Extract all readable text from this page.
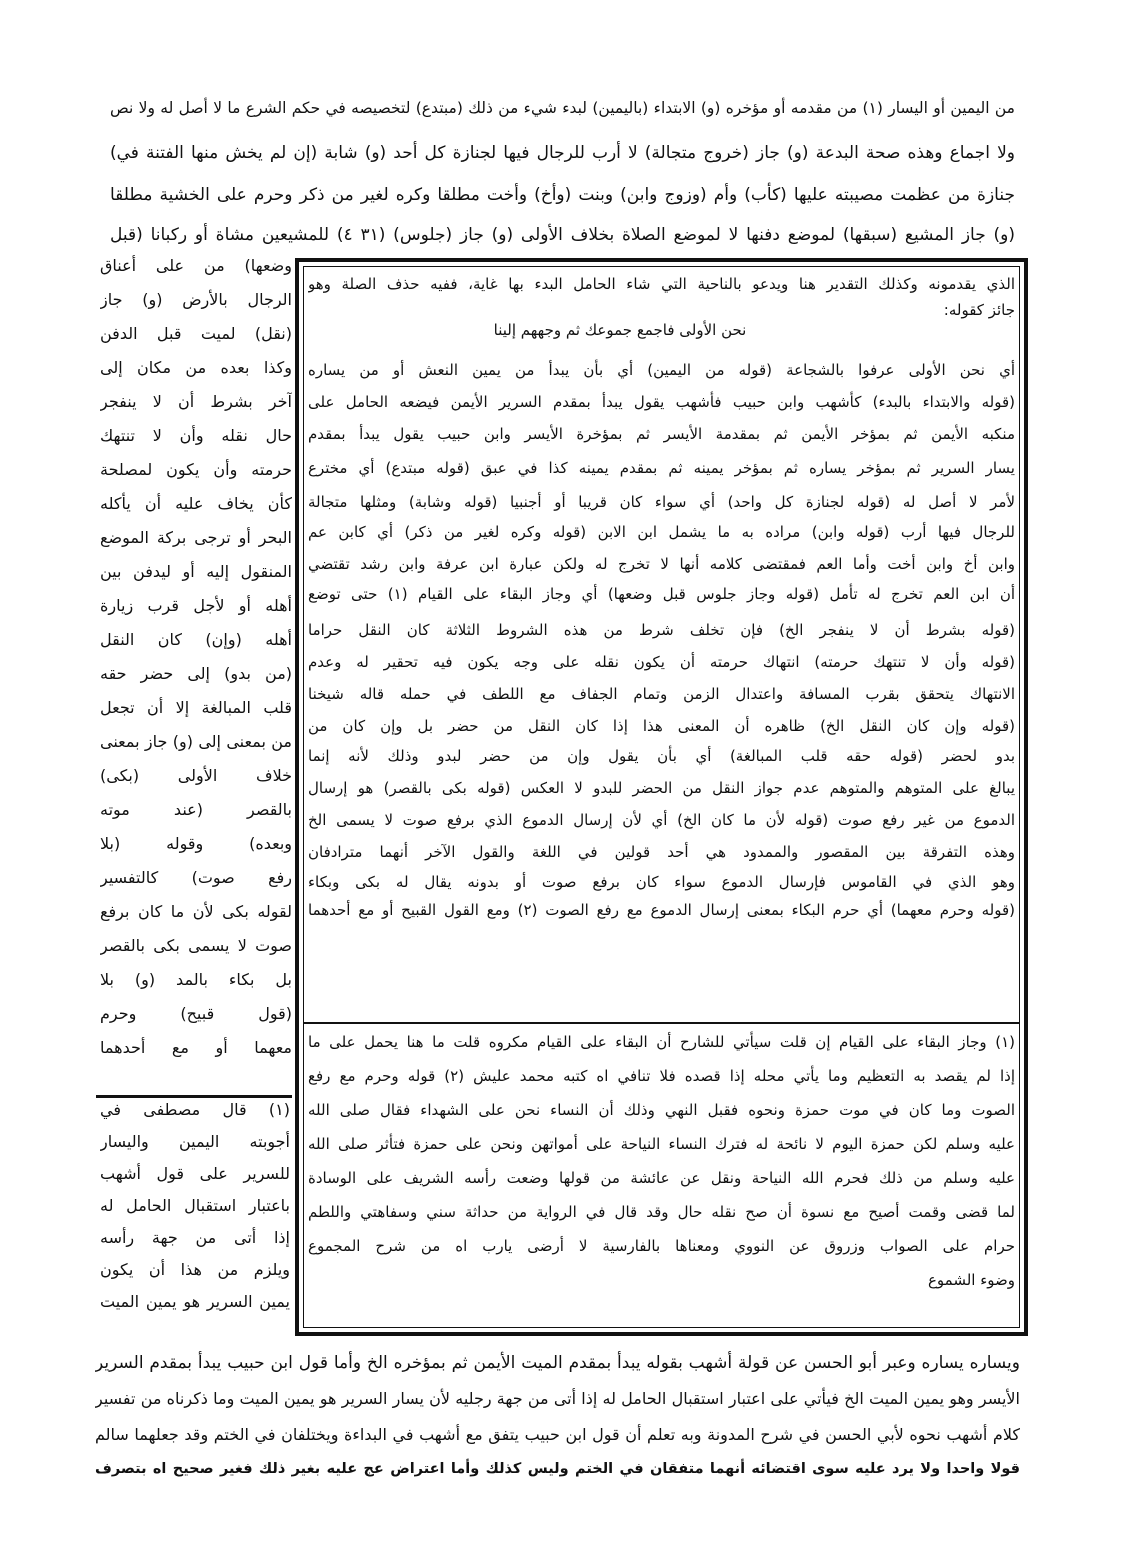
من اليمين أو اليسار (١) من مقدمه أو مؤخره (و) الابتداء (باليمين) لبدء شيء من ذلك (مبتدع) لتخصيصه في حكم الشرع ما لا أصل له ولا نص
ولا اجماع وهذه صحة البدعة (و) جاز (خروج متجالة) لا أرب للرجال فيها لجنازة كل أحد (و) شابة (إن لم يخش منها الفتنة في)
جنازة من عظمت مصيبته عليها (كأب) وأم (وزوج وابن) وبنت (وأخ) وأخت مطلقا وكره لغير من ذكر وحرم على الخشية مطلقا
(و) جاز المشيع (سبقها) لموضع دفنها لا لموضع الصلاة بخلاف الأولى (و) جاز (جلوس) (٣١ ٤) للمشيعين مشاة أو ركبانا (قبل
وضعها) من على أعناق
الرجال بالأرض (و) جاز
(نقل) لميت قبل الدفن
وكذا بعده من مكان إلى
آخر بشرط أن لا ينفجر
حال نقله وأن لا تنتهك
حرمته وأن يكون لمصلحة
كأن يخاف عليه أن يأكله
البحر أو ترجى بركة الموضع
المنقول إليه أو ليدفن بين
أهله أو لأجل قرب زيارة
أهله (وإن) كان النقل
(من بدو) إلى حضر حقه
قلب المبالغة إلا أن تجعل
من بمعنى إلى (و) جاز بمعنى
خلاف الأولى (بكى)
بالقصر (عند موته
وبعده) وقوله (بلا
رفع صوت) كالتفسير
لقوله بكى لأن ما كان برفع
صوت لا يسمى بكى بالقصر
بل بكاء بالمد (و) بلا
(قول قبيح) وحرم
معهما أو مع أحدهما
(١) قال مصطفى في
أجوبته اليمين واليسار
للسرير على قول أشهب
باعتبار استقبال الحامل له
إذا أتى من جهة رأسه
ويلزم من هذا أن يكون
يمين السرير هو يمين الميت
الذي يقدمونه وكذلك التقدير هنا ويدعو بالناحية التي شاء الحامل البدء بها غاية، ففيه حذف الصلة وهو
جائز كقوله:
نحن الأولى فاجمع جموعك ثم وجههم إلينا
أي نحن الأولى عرفوا بالشجاعة (قوله من اليمين) أي بأن يبدأ من يمين النعش أو من يساره
(قوله والابتداء بالبدء) كأشهب وابن حبيب فأشهب يقول يبدأ بمقدم السرير الأيمن فيضعه الحامل على
منكبه الأيمن ثم بمؤخر الأيمن ثم بمقدمة الأيسر ثم بمؤخرة الأيسر وابن حبيب يقول يبدأ بمقدم
يسار السرير ثم بمؤخر يساره ثم بمؤخر يمينه ثم بمقدم يمينه كذا في عبق (قوله مبتدع) أي مخترع
لأمر لا أصل له (قوله لجنازة كل واحد) أي سواء كان قريبا أو أجنبيا (قوله وشابة) ومثلها متجالة
للرجال فيها أرب (قوله وابن) مراده به ما يشمل ابن الابن (قوله وكره لغير من ذكر) أي كابن عم
وابن أخ وابن أخت وأما العم فمقتضى كلامه أنها لا تخرج له ولكن عبارة ابن عرفة وابن رشد تقتضي
أن ابن العم تخرج له تأمل (قوله وجاز جلوس قبل وضعها) أي وجاز البقاء على القيام (١) حتى توضع
(قوله بشرط أن لا ينفجر الخ) فإن تخلف شرط من هذه الشروط الثلاثة كان النقل حراما
(قوله وأن لا تنتهك حرمته) انتهاك حرمته أن يكون نقله على وجه يكون فيه تحقير له وعدم
الانتهاك يتحقق بقرب المسافة واعتدال الزمن وتمام الجفاف مع اللطف في حمله قاله شيخنا
(قوله وإن كان النقل الخ) ظاهره أن المعنى هذا إذا كان النقل من حضر بل وإن كان من
بدو لحضر (قوله حقه قلب المبالغة) أي بأن يقول وإن من حضر لبدو وذلك لأنه إنما
يبالغ على المتوهم والمتوهم عدم جواز النقل من الحضر للبدو لا العكس (قوله بكى بالقصر) هو إرسال
الدموع من غير رفع صوت (قوله لأن ما كان الخ) أي لأن إرسال الدموع الذي برفع صوت لا يسمى الخ
وهذه التفرقة بين المقصور والممدود هي أحد قولين في اللغة والقول الآخر أنهما مترادفان
وهو الذي في القاموس فإرسال الدموع سواء كان برفع صوت أو بدونه يقال له بكى وبكاء
(قوله وحرم معهما) أي حرم البكاء بمعنى إرسال الدموع مع رفع الصوت (٢) ومع القول القبيح أو مع أحدهما
(١) وجاز البقاء على القيام إن قلت سيأتي للشارح أن البقاء على القيام مكروه قلت ما هنا يحمل على ما
إذا لم يقصد به التعظيم وما يأتي محله إذا قصده فلا تنافي اه كتبه محمد عليش (٢) قوله وحرم مع رفع
الصوت وما كان في موت حمزة ونحوه فقبل النهي وذلك أن النساء نحن على الشهداء فقال صلى الله
عليه وسلم لكن حمزة اليوم لا نائحة له فترك النساء النياحة على أمواتهن ونحن على حمزة فتأثر صلى الله
عليه وسلم من ذلك فحرم الله النياحة ونقل عن عائشة من قولها وضعت رأسه الشريف على الوسادة
لما قضى وقمت أصيح مع نسوة أن صح نقله حال وقد قال في الرواية من حداثة سني وسفاهتي واللطم
حرام على الصواب وزروق عن النووي ومعناها بالفارسية لا أرضى يارب اه من شرح المجموع
وضوء الشموع
ويساره يساره وعبر أبو الحسن عن قولة أشهب بقوله يبدأ بمقدم الميت الأيمن ثم بمؤخره الخ وأما قول ابن حبيب يبدأ بمقدم السرير
الأيسر وهو يمين الميت الخ فيأتي على اعتبار استقبال الحامل له إذا أتى من جهة رجليه لأن يسار السرير هو يمين الميت وما ذكرناه من تفسير
كلام أشهب نحوه لأبي الحسن في شرح المدونة وبه تعلم أن قول ابن حبيب يتفق مع أشهب في البداءة ويختلفان في الختم وقد جعلهما سالم
قولا واحدا ولا يرد عليه سوى اقتضائه أنهما متفقان في الختم وليس كذلك وأما اعتراض عج عليه بغير ذلك فغير صحيح اه بتصرف
